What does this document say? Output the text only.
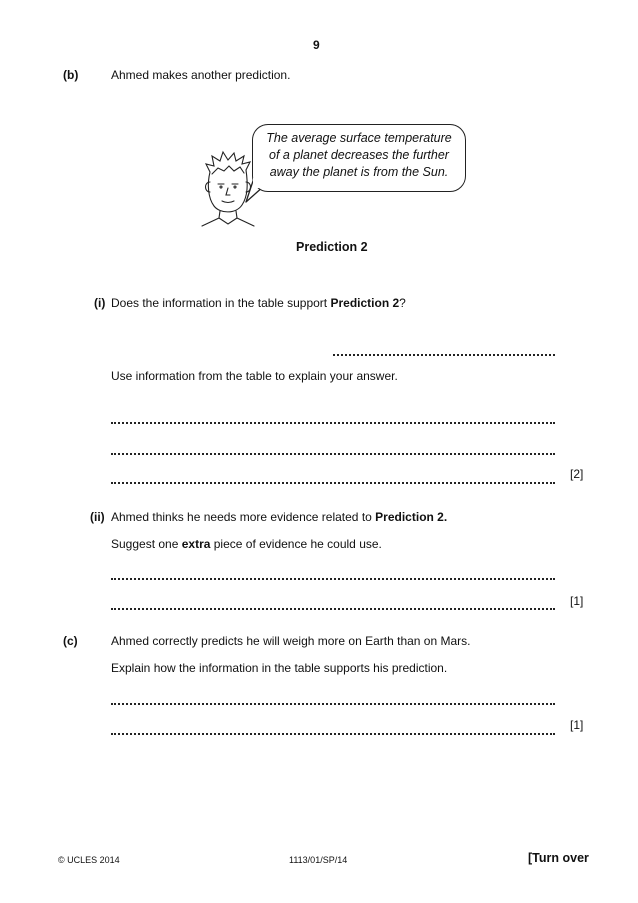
9
(b)	Ahmed makes another prediction.
The average surface temperature
of a planet decreases the further
away the planet is from the Sun.
Prediction 2
(i) Does the information in the table support Prediction 2?
Use information from the table to explain your answer.
[2]
(ii) Ahmed thinks he needs more evidence related to Prediction 2.
Suggest one extra piece of evidence he could use.
[1]
(c)	Ahmed correctly predicts he will weigh more on Earth than on Mars.
Explain how the information in the table supports his prediction.
[1]
© UCLES 2014	1113/01/SP/14	[Turn over
